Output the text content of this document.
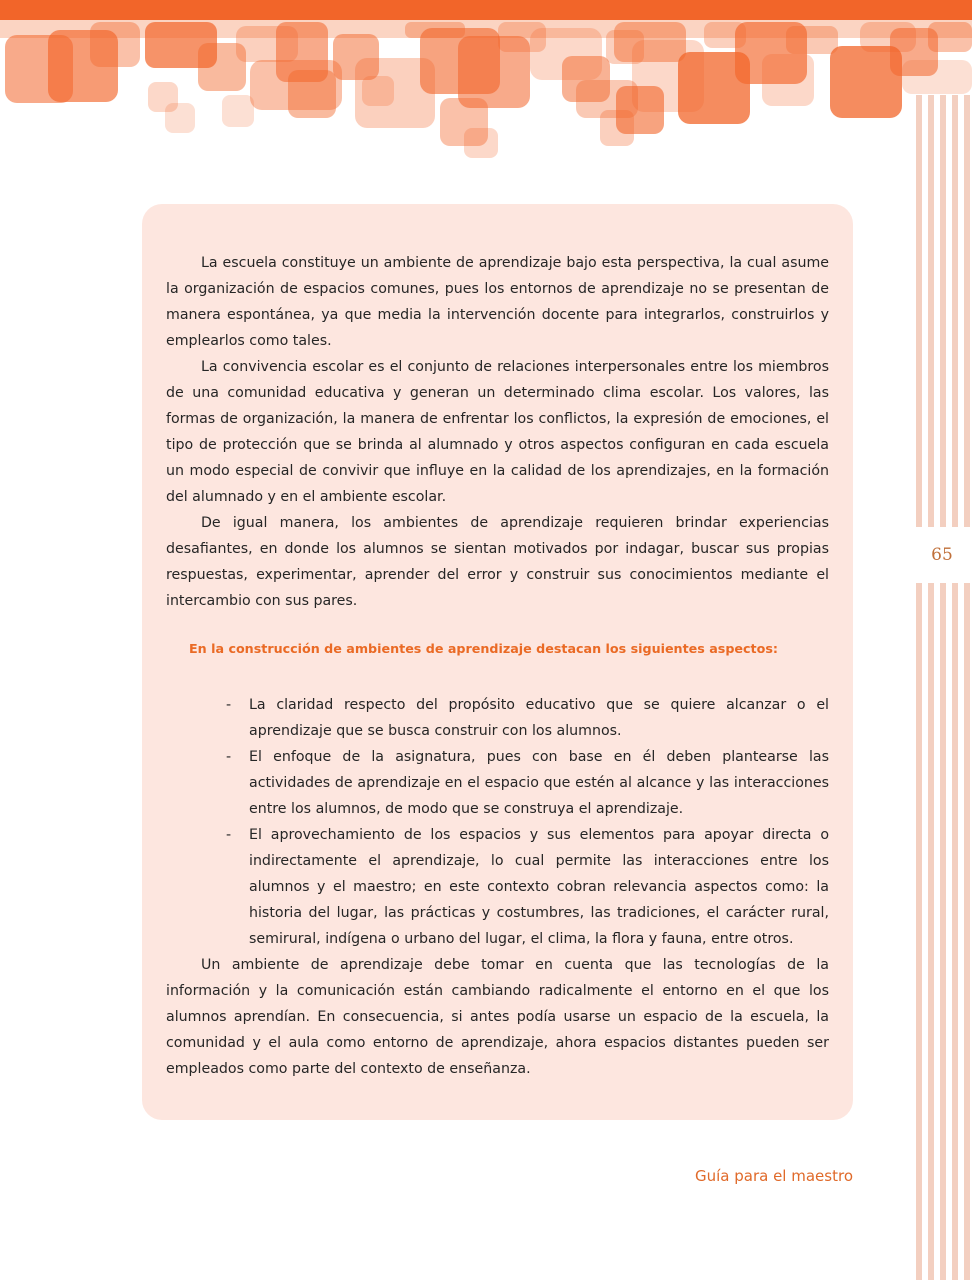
65

La escuela constituye un ambiente de aprendizaje bajo esta perspectiva, la cual asume la organización de espacios comunes, pues los entornos de aprendizaje no se presentan de manera espontánea, ya que media la intervención docente para integrarlos, construirlos y emplearlos como tales.

La convivencia escolar es el conjunto de relaciones interpersonales entre los miembros de una comunidad educativa y generan un determinado clima escolar. Los valores, las formas de organización, la manera de enfrentar los conflictos, la expresión de emociones, el tipo de protección que se brinda al alumnado y otros aspectos configuran en cada escuela un modo especial de convivir que influye en la calidad de los aprendizajes, en la formación del alumnado y en el ambiente escolar.

De igual manera, los ambientes de aprendizaje requieren brindar experiencias desafiantes, en donde los alumnos se sientan motivados por indagar, buscar sus propias respuestas, experimentar, aprender del error y construir sus conocimientos mediante el intercambio con sus pares.

En la construcción de ambientes de aprendizaje destacan los siguientes aspectos:
- La claridad respecto del propósito educativo que se quiere alcanzar o el aprendizaje que se busca construir con los alumnos.
- El enfoque de la asignatura, pues con base en él deben plantearse las actividades de aprendizaje en el espacio que estén al alcance y las interacciones entre los alumnos, de modo que se construya el aprendizaje.
- El aprovechamiento de los espacios y sus elementos para apoyar directa o indirectamente el aprendizaje, lo cual permite las interacciones entre los alumnos y el maestro; en este contexto cobran relevancia aspectos como: la historia del lugar, las prácticas y costumbres, las tradiciones, el carácter rural, semirural, indígena o urbano del lugar, el clima, la flora y fauna, entre otros.

Un ambiente de aprendizaje debe tomar en cuenta que las tecnologías de la información y la comunicación están cambiando radicalmente el entorno en el que los alumnos aprendían. En consecuencia, si antes podía usarse un espacio de la escuela, la comunidad y el aula como entorno de aprendizaje, ahora espacios distantes pueden ser empleados como parte del contexto de enseñanza.

Guía para el maestro
